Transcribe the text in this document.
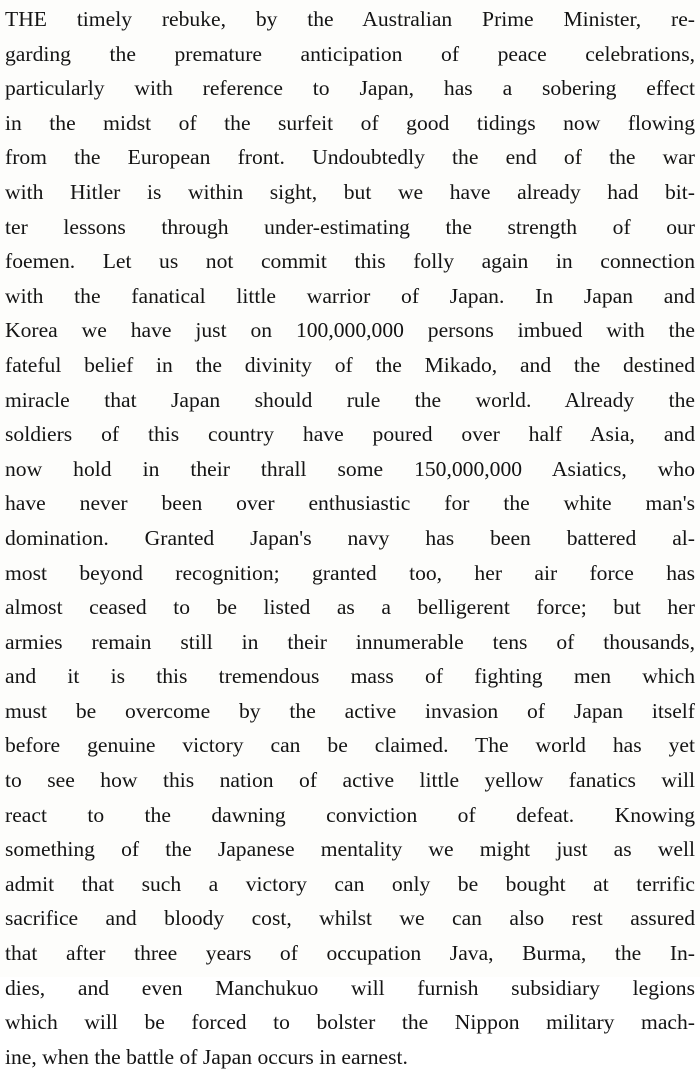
THE timely rebuke, by the Australian Prime Minister, re-
garding the premature anticipation of peace celebrations,
particularly with reference to Japan, has a sobering effect
in the midst of the surfeit of good tidings now flowing
from the European front. Undoubtedly the end of the war
with Hitler is within sight, but we have already had bit-
ter lessons through under-estimating the strength of our
foemen. Let us not commit this folly again in connection
with the fanatical little warrior of Japan. In Japan and
Korea we have just on 100,000,000 persons imbued with the
fateful belief in the divinity of the Mikado, and the destined
miracle that Japan should rule the world. Already the
soldiers of this country have poured over half Asia, and
now hold in their thrall some 150,000,000 Asiatics, who
have never been over enthusiastic for the white man's
domination. Granted Japan's navy has been battered al-
most beyond recognition; granted too, her air force has
almost ceased to be listed as a belligerent force; but her
armies remain still in their innumerable tens of thousands,
and it is this tremendous mass of fighting men which
must be overcome by the active invasion of Japan itself
before genuine victory can be claimed. The world has yet
to see how this nation of active little yellow fanatics will
react to the dawning conviction of defeat. Knowing
something of the Japanese mentality we might just as well
admit that such a victory can only be bought at terrific
sacrifice and bloody cost, whilst we can also rest assured
that after three years of occupation Java, Burma, the In-
dies, and even Manchukuo will furnish subsidiary legions
which will be forced to bolster the Nippon military mach-
ine, when the battle of Japan occurs in earnest.
